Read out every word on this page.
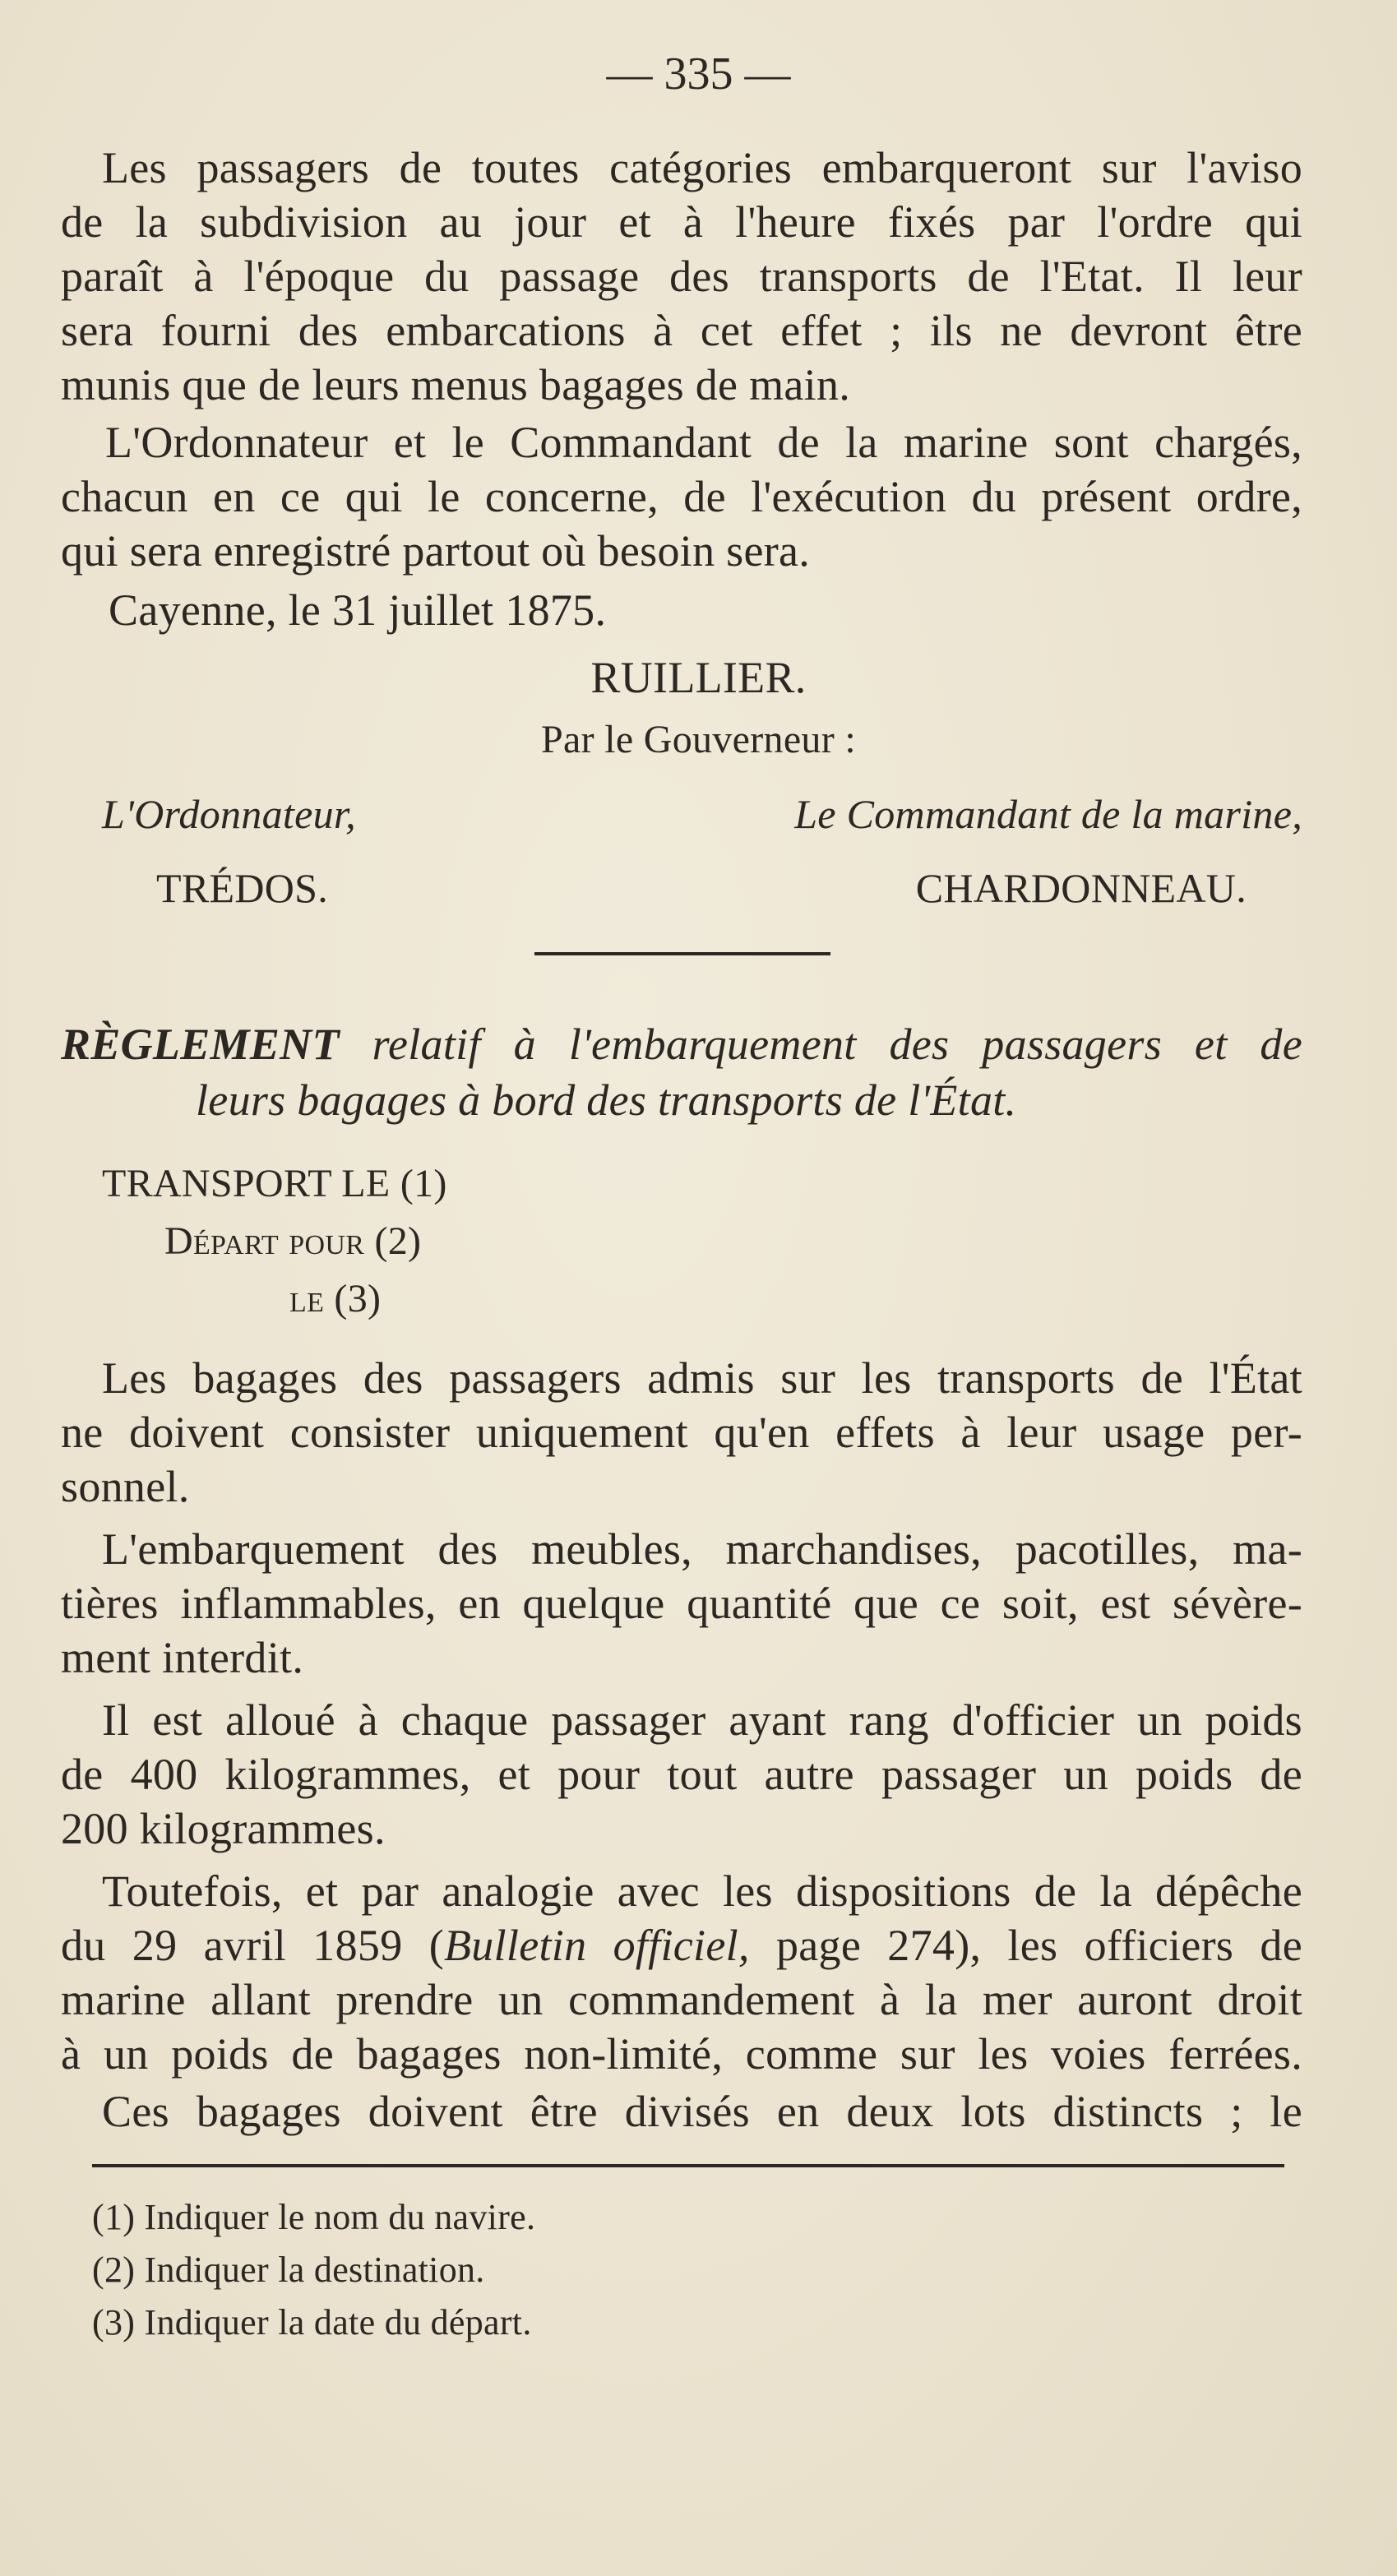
— 335 —
Les passagers de toutes catégories embarqueront sur l'aviso
de la subdivision au jour et à l'heure fixés par l'ordre qui
paraît à l'époque du passage des transports de l'Etat. Il leur
sera fourni des embarcations à cet effet ; ils ne devront être
munis que de leurs menus bagages de main.
L'Ordonnateur et le Commandant de la marine sont chargés,
chacun en ce qui le concerne, de l'exécution du présent ordre,
qui sera enregistré partout où besoin sera.
Cayenne, le 31 juillet 1875.
RUILLIER.
Par le Gouverneur :
L'Ordonnateur,	Le Commandant de la marine,
TRÉDOS.	CHARDONNEAU.
RÈGLEMENT relatif à l'embarquement des passagers et de
leurs bagages à bord des transports de l'État.
TRANSPORT LE (1)
Départ pour (2)
le (3)
Les bagages des passagers admis sur les transports de l'État
ne doivent consister uniquement qu'en effets à leur usage per-
sonnel.
L'embarquement des meubles, marchandises, pacotilles, ma-
tières inflammables, en quelque quantité que ce soit, est sévère-
ment interdit.
Il est alloué à chaque passager ayant rang d'officier un poids
de 400 kilogrammes, et pour tout autre passager un poids de
200 kilogrammes.
Toutefois, et par analogie avec les dispositions de la dépêche
du 29 avril 1859 (Bulletin officiel, page 274), les officiers de
marine allant prendre un commandement à la mer auront droit
à un poids de bagages non-limité, comme sur les voies ferrées.
Ces bagages doivent être divisés en deux lots distincts ; le
(1) Indiquer le nom du navire.
(2) Indiquer la destination.
(3) Indiquer la date du départ.
